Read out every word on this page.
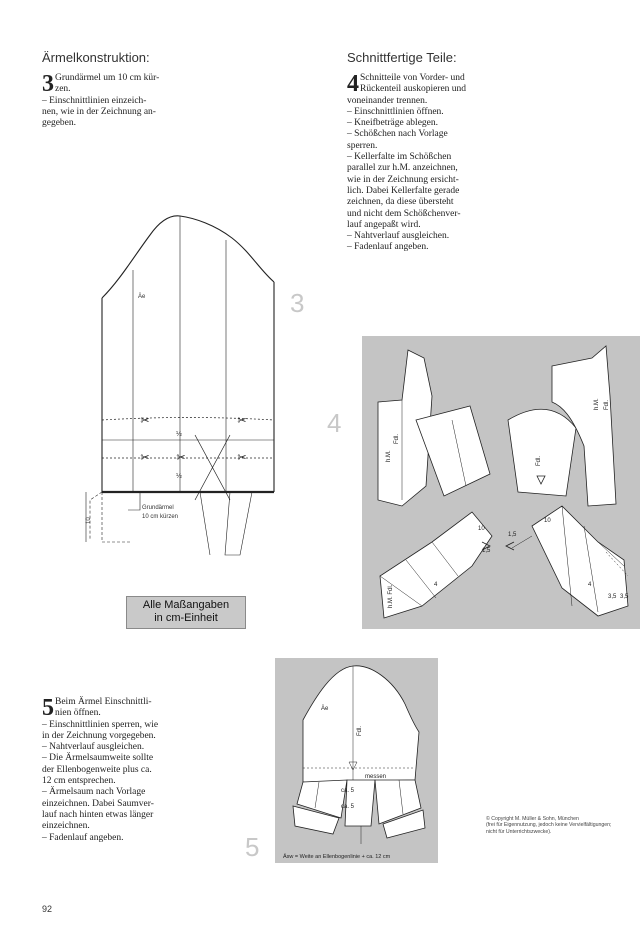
Ärmelkonstruktion:
3 Grundärmel um 10 cm kür-
zen.
– Einschnittlinien einzeich-
nen, wie in der Zeichnung an-
gegeben.
Schnittfertige Teile:
4 Schnitteile von Vorder- und
Rückenteil auskopieren und
voneinander trennen.
– Einschnittlinien öffnen.
– Kneifbeträge ablegen.
– Schößchen nach Vorlage
sperren.
– Kellerfalte im Schößchen
parallel zur h.M. anzeichnen,
wie in der Zeichnung ersicht-
lich. Dabei Kellerfalte gerade
zeichnen, da diese übersteht
und nicht dem Schößchenver-
lauf angepaßt wird.
– Nahtverlauf ausgleichen.
– Fadenlauf angeben.
✂	✂
✂ ✂	✂
Äe
½
½
Grundärmel
10 cm kürzen
10
3
Alle Maßangaben
in cm-Einheit
4
h.M.
Fdl.
Fdl.
h.M. Fdl.
h.M. Fdl.
10
10
1,5
1,5
4	4
3,5 3,5
5 Beim Ärmel Einschnittli-
nien öffnen.
– Einschnittlinien sperren, wie
in der Zeichnung vorgegeben.
– Nahtverlauf ausgleichen.
– Die Ärmelsaumweite sollte
der Ellenbogenweite plus ca.
12 cm entsprechen.
– Ärmelsaum nach Vorlage
einzeichnen. Dabei Saumver-
lauf nach hinten etwas länger
einzeichnen.
– Fadenlauf angeben.	5
Äe
Fdl.
messen
ca. 5
ca. 5
Äsw = Weite an Ellenbogenlinie + ca. 12 cm
© Copyright M. Müller & Sohn, München
(frei für Eigennutzung, jedoch keine Vervielfältigungen;
nicht für Unterrichtszwecke).
92
